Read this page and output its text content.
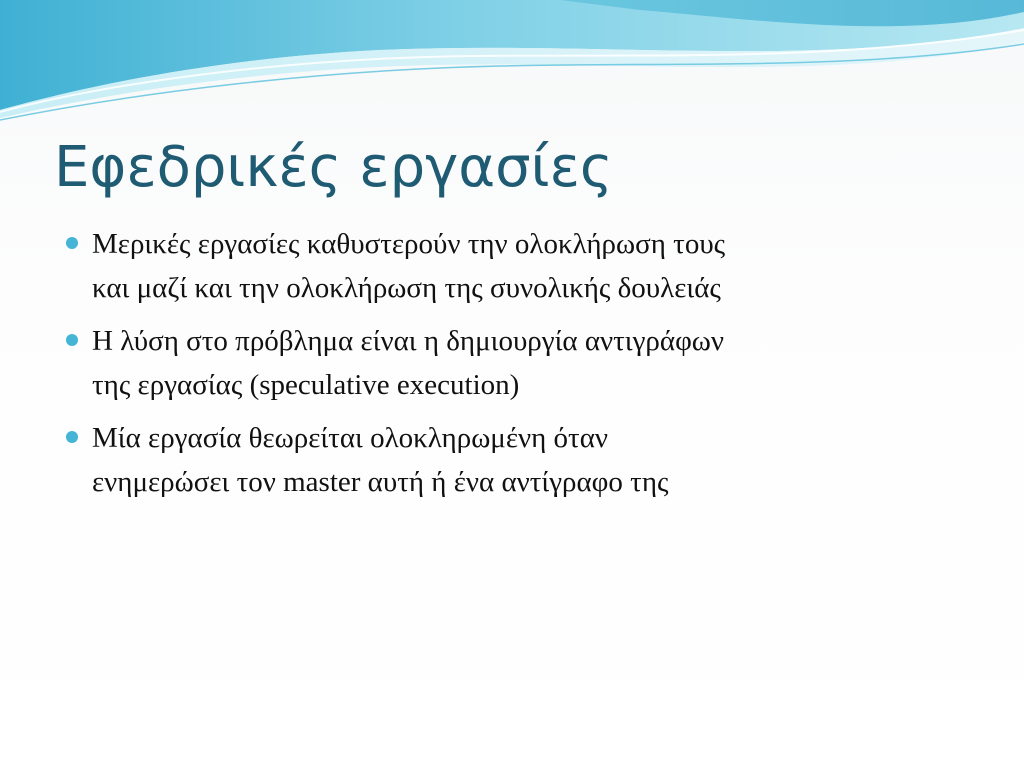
Εφεδρικές εργασίες
Μερικές εργασίες καθυστερούν την ολοκλήρωση τους
και μαζί και την ολοκλήρωση της συνολικής δουλειάς
Η λύση στο πρόβλημα είναι η δημιουργία αντιγράφων
της εργασίας (speculative execution)
Μία εργασία θεωρείται ολοκληρωμένη όταν
ενημερώσει τον master αυτή ή ένα αντίγραφο της
